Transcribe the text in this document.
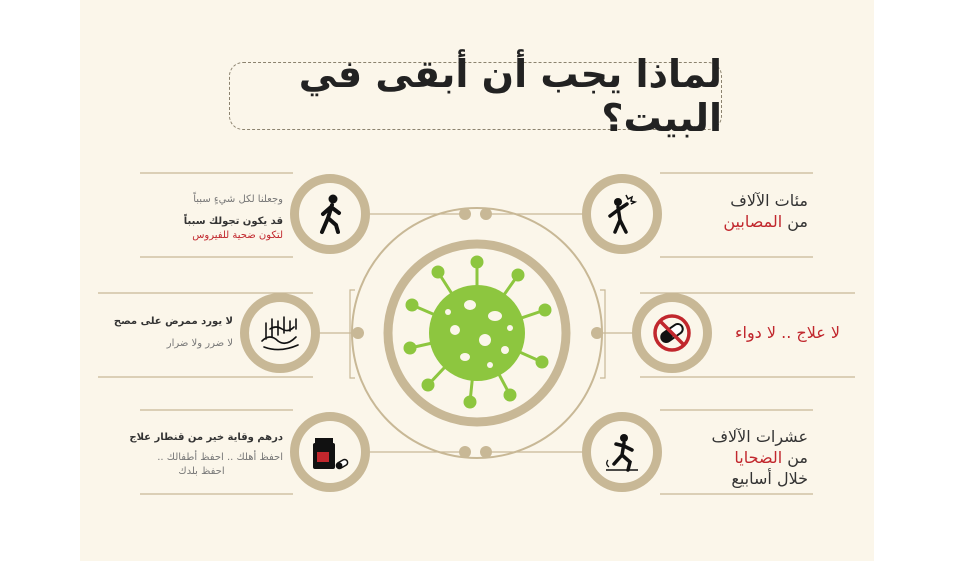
لماذا يجب أن أبقى في البيت؟
مئات الآلاف
من المصابين
لا علاج .. لا دواء
عشرات الآلاف
من الضحايا
خلال أسابيع
وجعلنا لكل شيءٍ سبباً
قد يكون تجولك سبباً
لتكون ضحية للفيروس
لا يورد ممرض على مصح
لا ضرر ولا ضرار
درهم وقاية خير من قنطار علاج
احفظ أهلك .. احفظ أطفالك ..
احفظ بلدك
